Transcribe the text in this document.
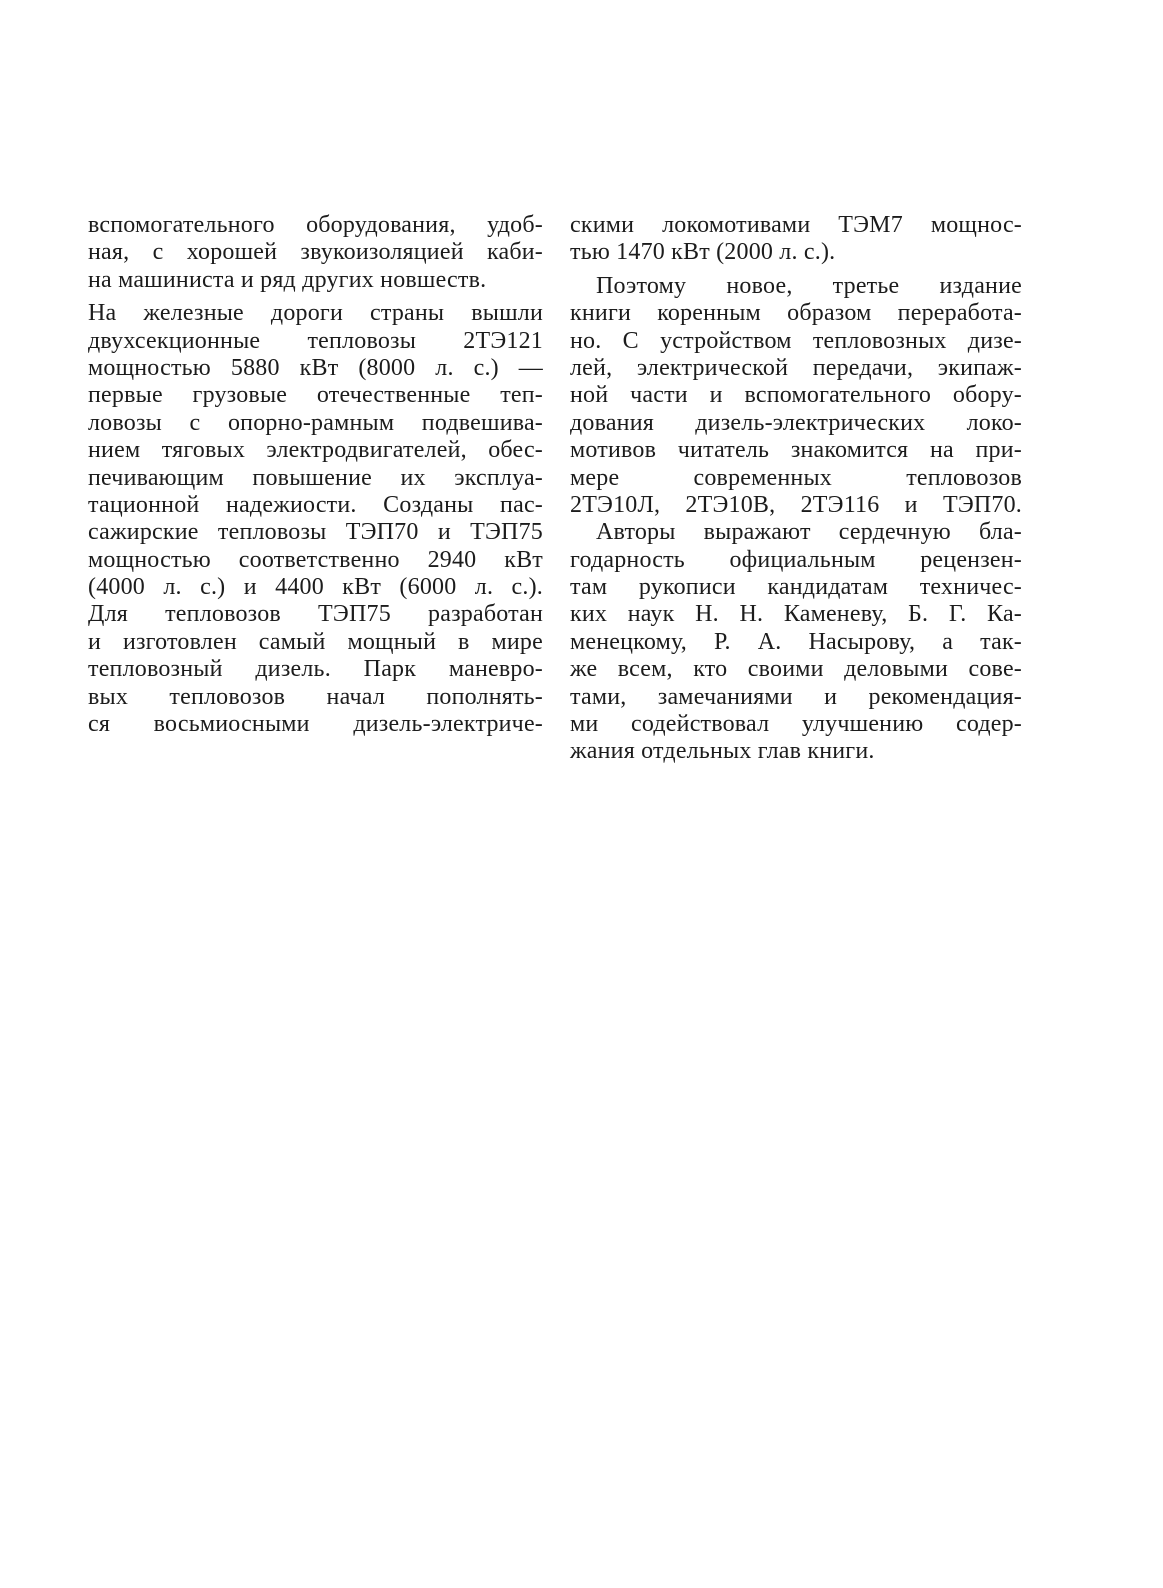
вспомогательного оборудования, удоб-
ная, с хорошей звукоизоляцией каби-
на машиниста и ряд других новшеств.
На железные дороги страны вышли
двухсекционные тепловозы 2ТЭ121
мощностью 5880 кВт (8000 л. с.) —
первые грузовые отечественные теп-
ловозы с опорно-рамным подвешива-
нием тяговых электродвигателей, обес-
печивающим повышение их эксплуа-
тационной надежиости. Созданы пас-
сажирские тепловозы ТЭП70 и ТЭП75
мощностью соответственно 2940 кВт
(4000 л. с.) и 4400 кВт (6000 л. с.).
Для тепловозов ТЭП75 разработан
и изготовлен самый мощный в мире
тепловозный дизель. Парк маневро-
вых тепловозов начал пополнять-
ся восьмиосными дизель-электриче-
скими локомотивами ТЭМ7 мощнос-
тью 1470 кВт (2000 л. с.).
Поэтому новое, третье издание
книги коренным образом переработа-
но. С устройством тепловозных дизе-
лей, электрической передачи, экипаж-
ной части и вспомогательного обору-
дования дизель-электрических локо-
мотивов читатель знакомится на при-
мере современных тепловозов
2ТЭ10Л, 2ТЭ10В, 2ТЭ116 и ТЭП70.
Авторы выражают сердечную бла-
годарность официальным рецензен-
там рукописи кандидатам техничес-
ких наук Н. Н. Каменеву, Б. Г. Ка-
менецкому, Р. А. Насырову, а так-
же всем, кто своими деловыми сове-
тами, замечаниями и рекомендация-
ми содействовал улучшению содер-
жания отдельных глав книги.
